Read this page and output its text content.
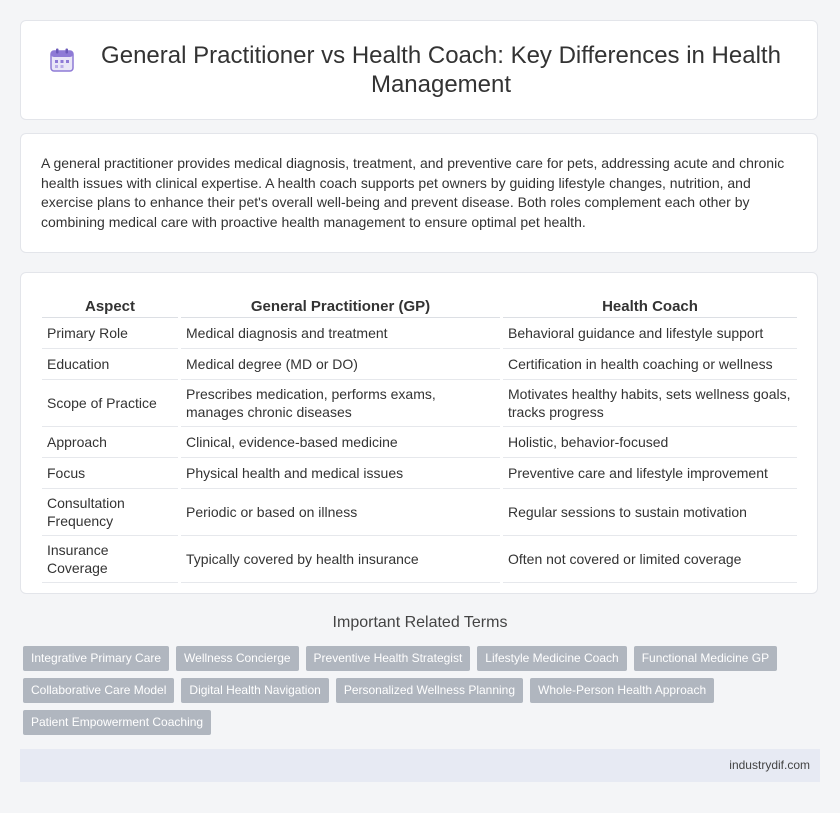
General Practitioner vs Health Coach: Key Differences in Health Management

A general practitioner provides medical diagnosis, treatment, and preventive care for pets, addressing acute and chronic health issues with clinical expertise. A health coach supports pet owners by guiding lifestyle changes, nutrition, and exercise plans to enhance their pet's overall well-being and prevent disease. Both roles complement each other by combining medical care with proactive health management to ensure optimal pet health.

Aspect	General Practitioner (GP)	Health Coach
Primary Role	Medical diagnosis and treatment	Behavioral guidance and lifestyle support
Education	Medical degree (MD or DO)	Certification in health coaching or wellness
Scope of Practice	Prescribes medication, performs exams, manages chronic diseases	Motivates healthy habits, sets wellness goals, tracks progress
Approach	Clinical, evidence-based medicine	Holistic, behavior-focused
Focus	Physical health and medical issues	Preventive care and lifestyle improvement
Consultation Frequency	Periodic or based on illness	Regular sessions to sustain motivation
Insurance Coverage	Typically covered by health insurance	Often not covered or limited coverage
Important Related Terms
Integrative Primary Care Wellness Concierge Preventive Health Strategist Lifestyle Medicine Coach Functional Medicine GP
Collaborative Care Model Digital Health Navigation Personalized Wellness Planning Whole-Person Health Approach
Patient Empowerment Coaching
industrydif.com
